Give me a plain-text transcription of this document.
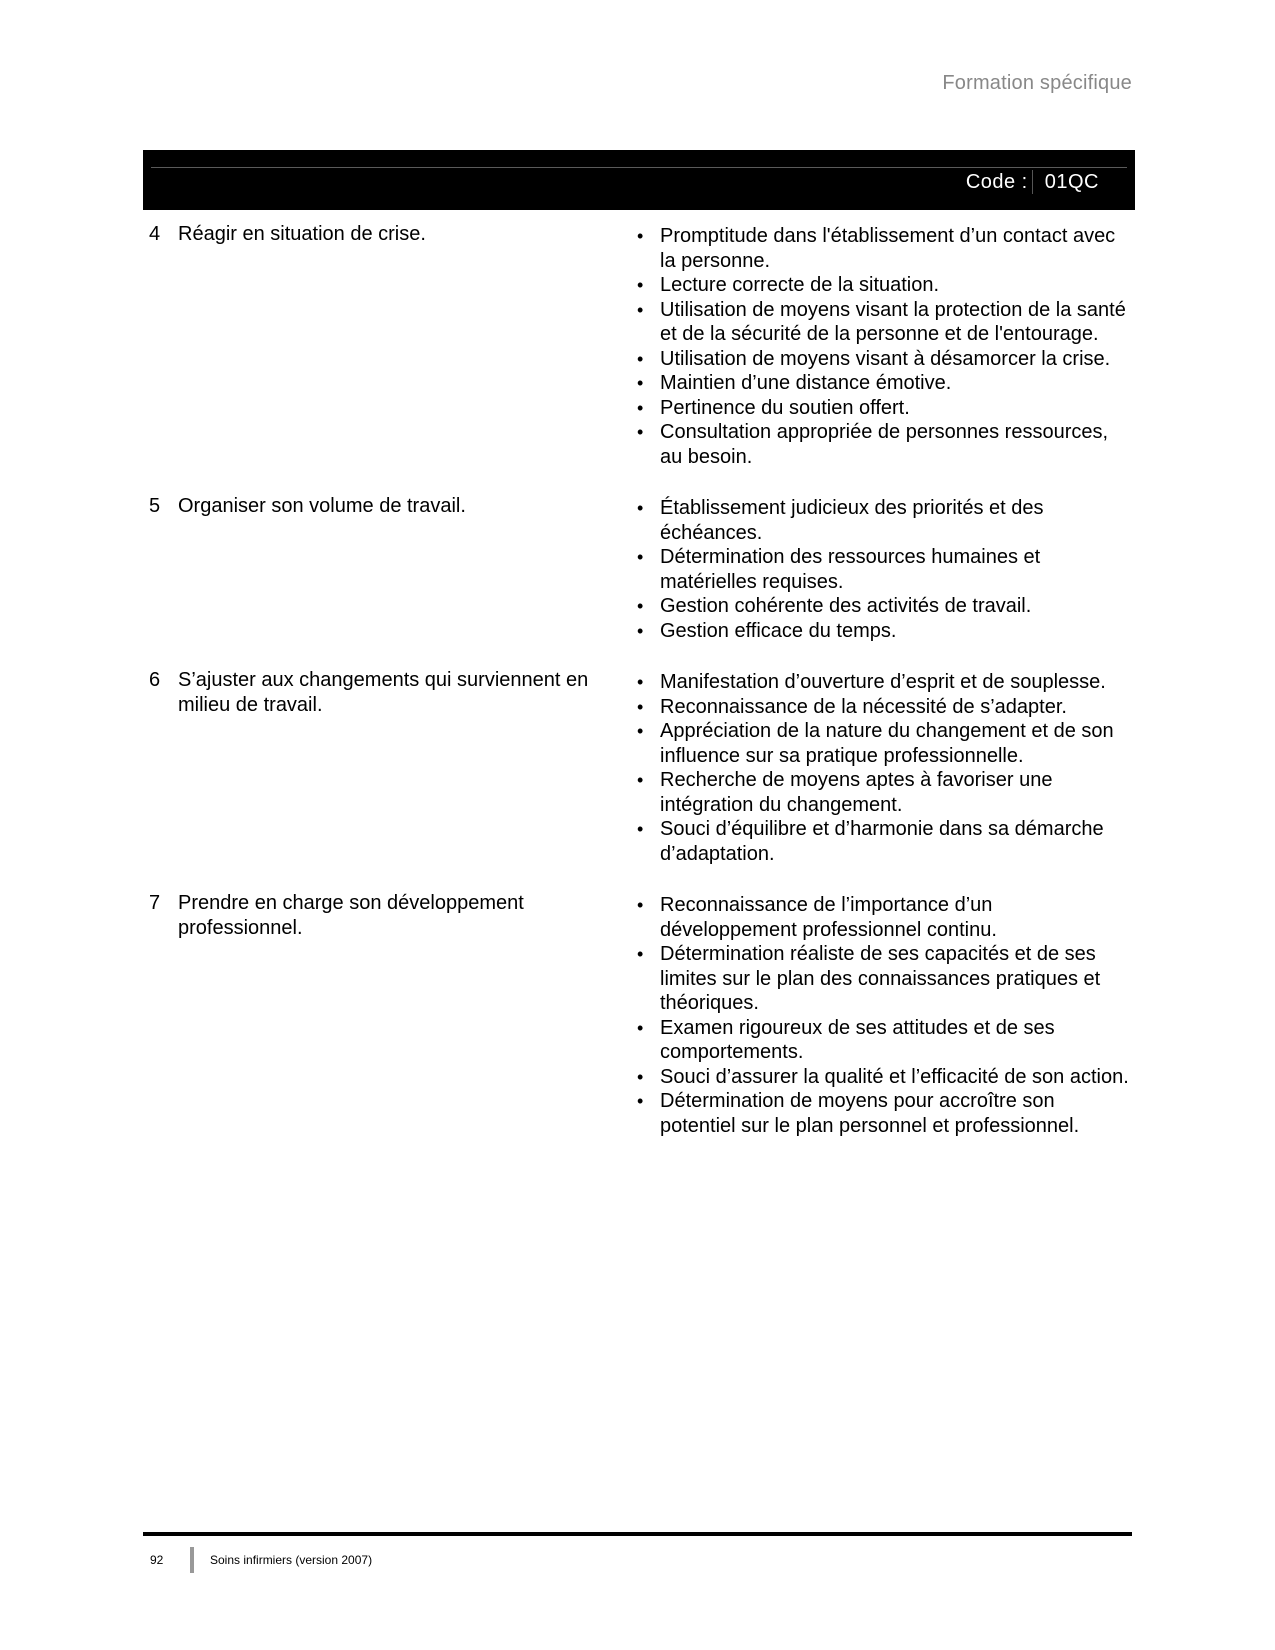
Formation spécifique
Code : 01QC
4 Réagir en situation de crise.	• Promptitude dans l'établissement d’un contact avec la personne.
• Lecture correcte de la situation.
• Utilisation de moyens visant la protection de la santé et de la sécurité de la personne et de l'entourage.
• Utilisation de moyens visant à désamorcer la crise.
• Maintien d’une distance émotive.
• Pertinence du soutien offert.
• Consultation appropriée de personnes ressources, au besoin.
5 Organiser son volume de travail.	• Établissement judicieux des priorités et des échéances.
• Détermination des ressources humaines et matérielles requises.
• Gestion cohérente des activités de travail.
• Gestion efficace du temps.
6 S’ajuster aux changements qui surviennent en milieu de travail.
• Manifestation d’ouverture d’esprit et de souplesse.
• Reconnaissance de la nécessité de s’adapter.
• Appréciation de la nature du changement et de son influence sur sa pratique professionnelle.
• Recherche de moyens aptes à favoriser une intégration du changement.
• Souci d’équilibre et d’harmonie dans sa démarche d’adaptation.
7 Prendre en charge son développement professionnel.
• Reconnaissance de l’importance d’un développement professionnel continu.
• Détermination réaliste de ses capacités et de ses limites sur le plan des connaissances pratiques et théoriques.
• Examen rigoureux de ses attitudes et de ses comportements.
• Souci d’assurer la qualité et l’efficacité de son action.
• Détermination de moyens pour accroître son potentiel sur le plan personnel et professionnel.
92	Soins infirmiers (version 2007)
